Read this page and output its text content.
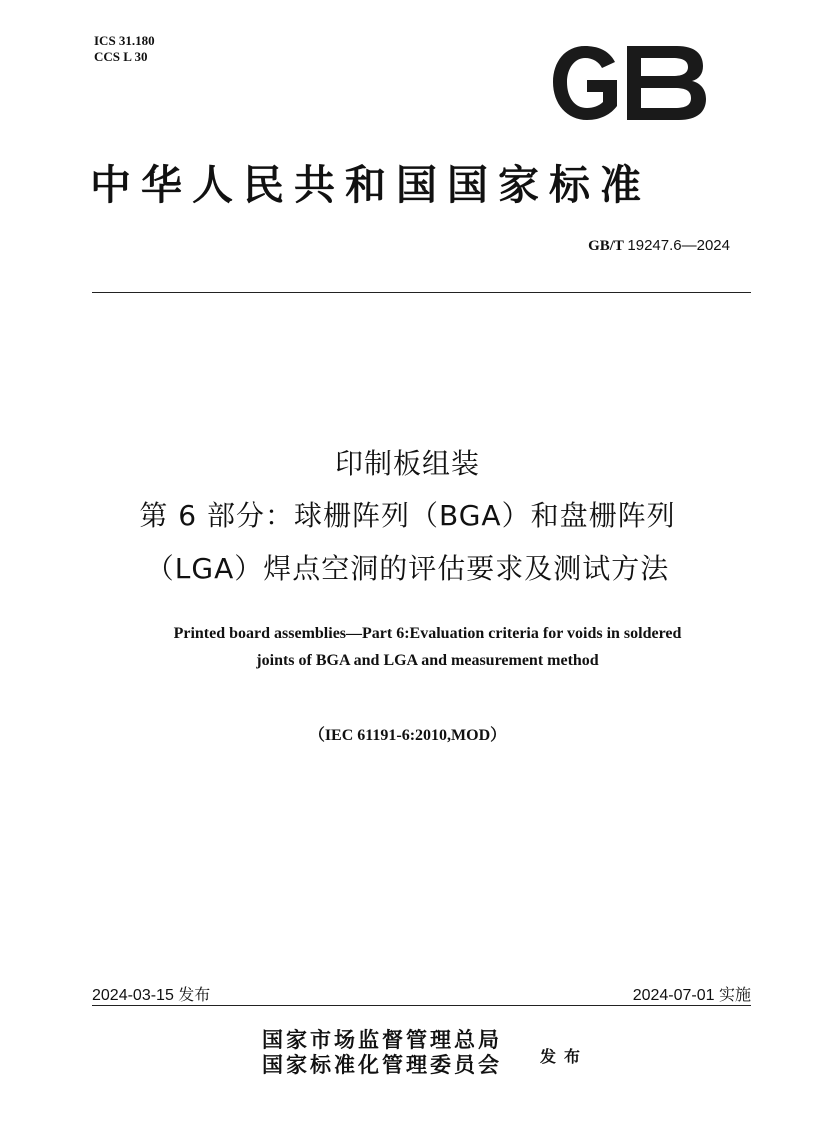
ICS 31.180
CCS L 30
GB
中华人民共和国国家标准
GB/T 19247.6—2024
印制板组装
第 6 部分：球栅阵列（BGA）和盘栅阵列
（LGA）焊点空洞的评估要求及测试方法
Printed board assemblies—Part 6:Evaluation criteria for voids in soldered
joints of BGA and LGA and measurement method
（IEC 61191-6:2010,MOD）
2024-03-15 发布	2024-07-01 实施
国家市场监督管理总局
国家标准化管理委员会 发布
